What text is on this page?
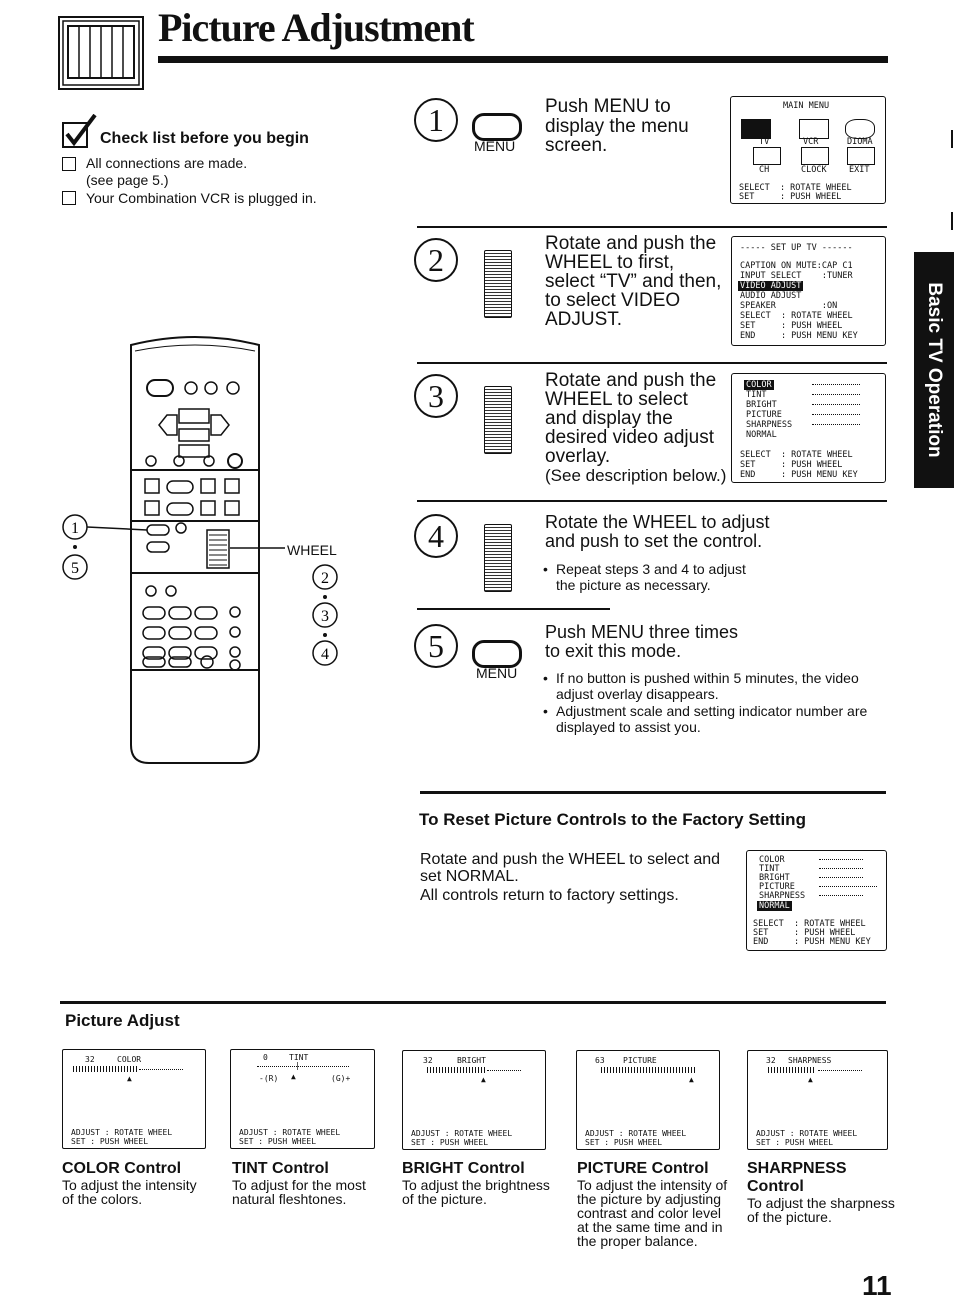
Picture Adjustment
Basic TV Operation
Check list before you begin
All connections are made.
(see page 5.)
Your Combination VCR is plugged in.
1
5
2
3
4
WHEEL
1
MENU
Push MENU to
display the menu
screen.
MAIN MENU
TV	VCR	DIOMA
CH	CLOCK	EXIT
SELECT  : ROTATE WHEEL
SET     : PUSH WHEEL
2	Rotate and push the
WHEEL to first,
select “TV” and then,
to select VIDEO
ADJUST.
----- SET UP TV ------
CAPTION ON MUTE:CAP C1
INPUT SELECT    :TUNER
VIDEO ADJUST
AUDIO ADJUST
SPEAKER         :ON
SELECT  : ROTATE WHEEL
SET     : PUSH WHEEL
END     : PUSH MENU KEY
3	Rotate and push the
WHEEL to select
and display the
desired video adjust
overlay.
(See description below.)
COLOR
TINT
BRIGHT
PICTURE
SHARPNESS
NORMAL
SELECT  : ROTATE WHEEL
SET     : PUSH WHEEL
END     : PUSH MENU KEY
4	Rotate the WHEEL to adjust
and push to set the control.
• Repeat steps 3 and 4 to adjust
the picture as necessary.
5
MENU
Push MENU three times
to exit this mode.
• If no button is pushed within 5 minutes, the video
adjust overlay disappears.
• Adjustment scale and setting indicator number are
displayed to assist you.
To Reset Picture Controls to the Factory Setting
Rotate and push the WHEEL to select and
set NORMAL.
All controls return to factory settings.
COLOR
TINT
BRIGHT
PICTURE
SHARPNESS
NORMAL
SELECT  : ROTATE WHEEL
SET     : PUSH WHEEL
END     : PUSH MENU KEY
Picture Adjust
32	COLOR
▲
ADJUST : ROTATE WHEEL
SET : PUSH WHEEL
COLOR Control
To adjust the intensity
of the colors.
0	TINT
|
-(R) ▲	(G)+
ADJUST : ROTATE WHEEL
SET : PUSH WHEEL
TINT Control
To adjust for the most
natural fleshtones.
32	BRIGHT
▲
ADJUST : ROTATE WHEEL
SET : PUSH WHEEL
BRIGHT Control
To adjust the brightness
of the picture.
63 PICTURE
▲
ADJUST : ROTATE WHEEL
SET : PUSH WHEEL
PICTURE Control
To adjust the intensity of
the picture by adjusting
contrast and color level
at the same time and in
the proper balance.
32 SHARPNESS
▲
ADJUST : ROTATE WHEEL
SET : PUSH WHEEL
SHARPNESS
Control
To adjust the sharpness
of the picture.
11
